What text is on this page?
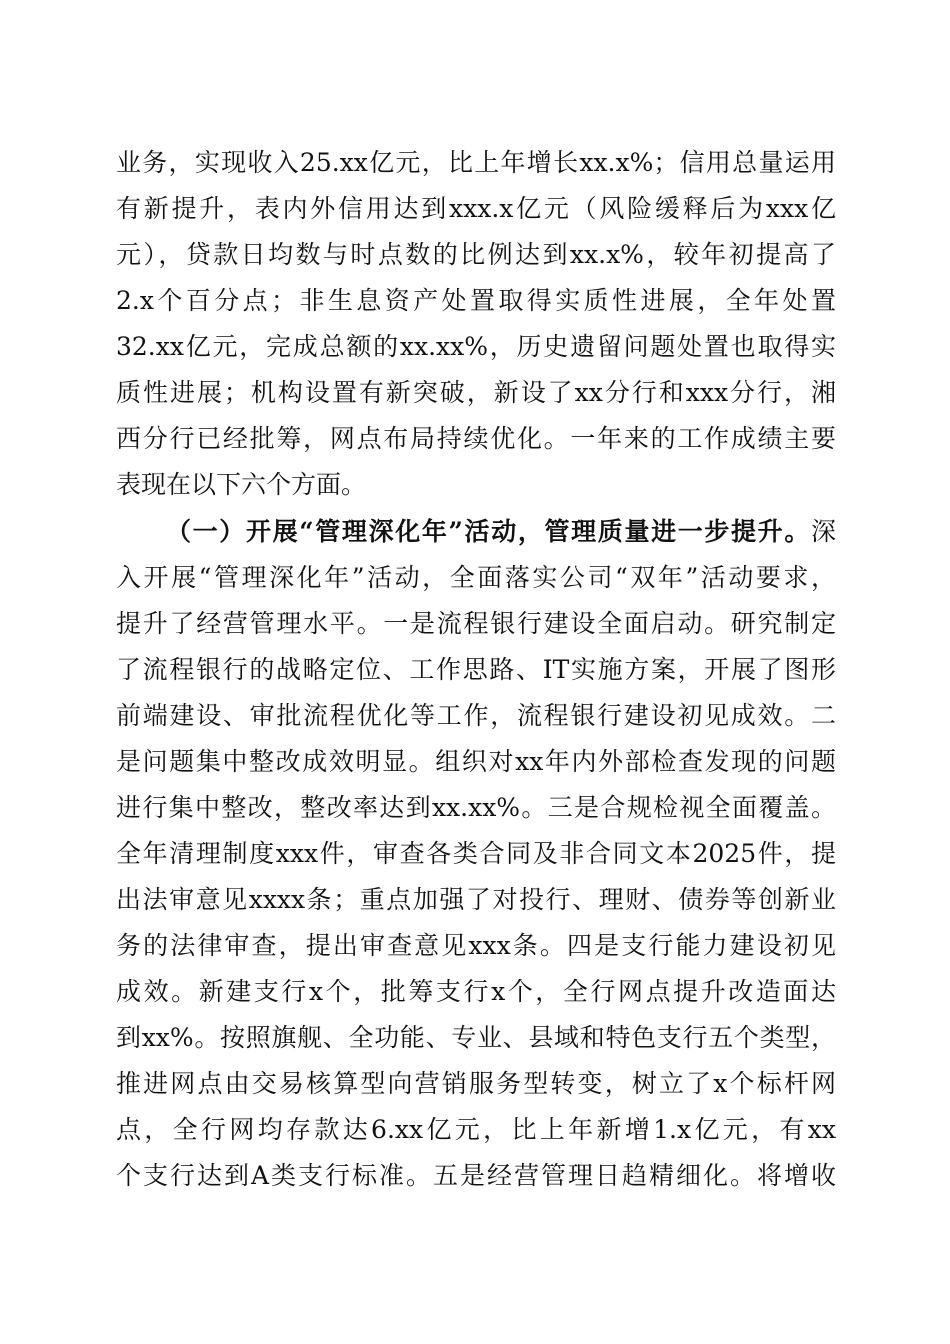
业务，实现收入25.xx亿元，比上年增长xx.x%；信用总量运用
有新提升，表内外信用达到xxx.x亿元（风险缓释后为xxx亿
元），贷款日均数与时点数的比例达到xx.x%，较年初提高了
2.x个百分点；非生息资产处置取得实质性进展，全年处置
32.xx亿元，完成总额的xx.xx%，历史遗留问题处置也取得实
质性进展；机构设置有新突破，新设了xx分行和xxx分行，湘
西分行已经批筹，网点布局持续优化。一年来的工作成绩主要
表现在以下六个方面。
（一）开展“管理深化年”活动，管理质量进一步提升。深
入开展“管理深化年”活动，全面落实公司“双年”活动要求，
提升了经营管理水平。一是流程银行建设全面启动。研究制定
了流程银行的战略定位、工作思路、IT实施方案，开展了图形
前端建设、审批流程优化等工作，流程银行建设初见成效。二
是问题集中整改成效明显。组织对xx年内外部检查发现的问题
进行集中整改，整改率达到xx.xx%。三是合规检视全面覆盖。
全年清理制度xxx件，审查各类合同及非合同文本2025件，提
出法审意见xxxx条；重点加强了对投行、理财、债券等创新业
务的法律审查，提出审查意见xxx条。四是支行能力建设初见
成效。新建支行x个，批筹支行x个，全行网点提升改造面达
到xx%。按照旗舰、全功能、专业、县域和特色支行五个类型，
推进网点由交易核算型向营销服务型转变，树立了x个标杆网
点，全行网均存款达6.xx亿元，比上年新增1.x亿元，有xx
个支行达到A类支行标准。五是经营管理日趋精细化。将增收
